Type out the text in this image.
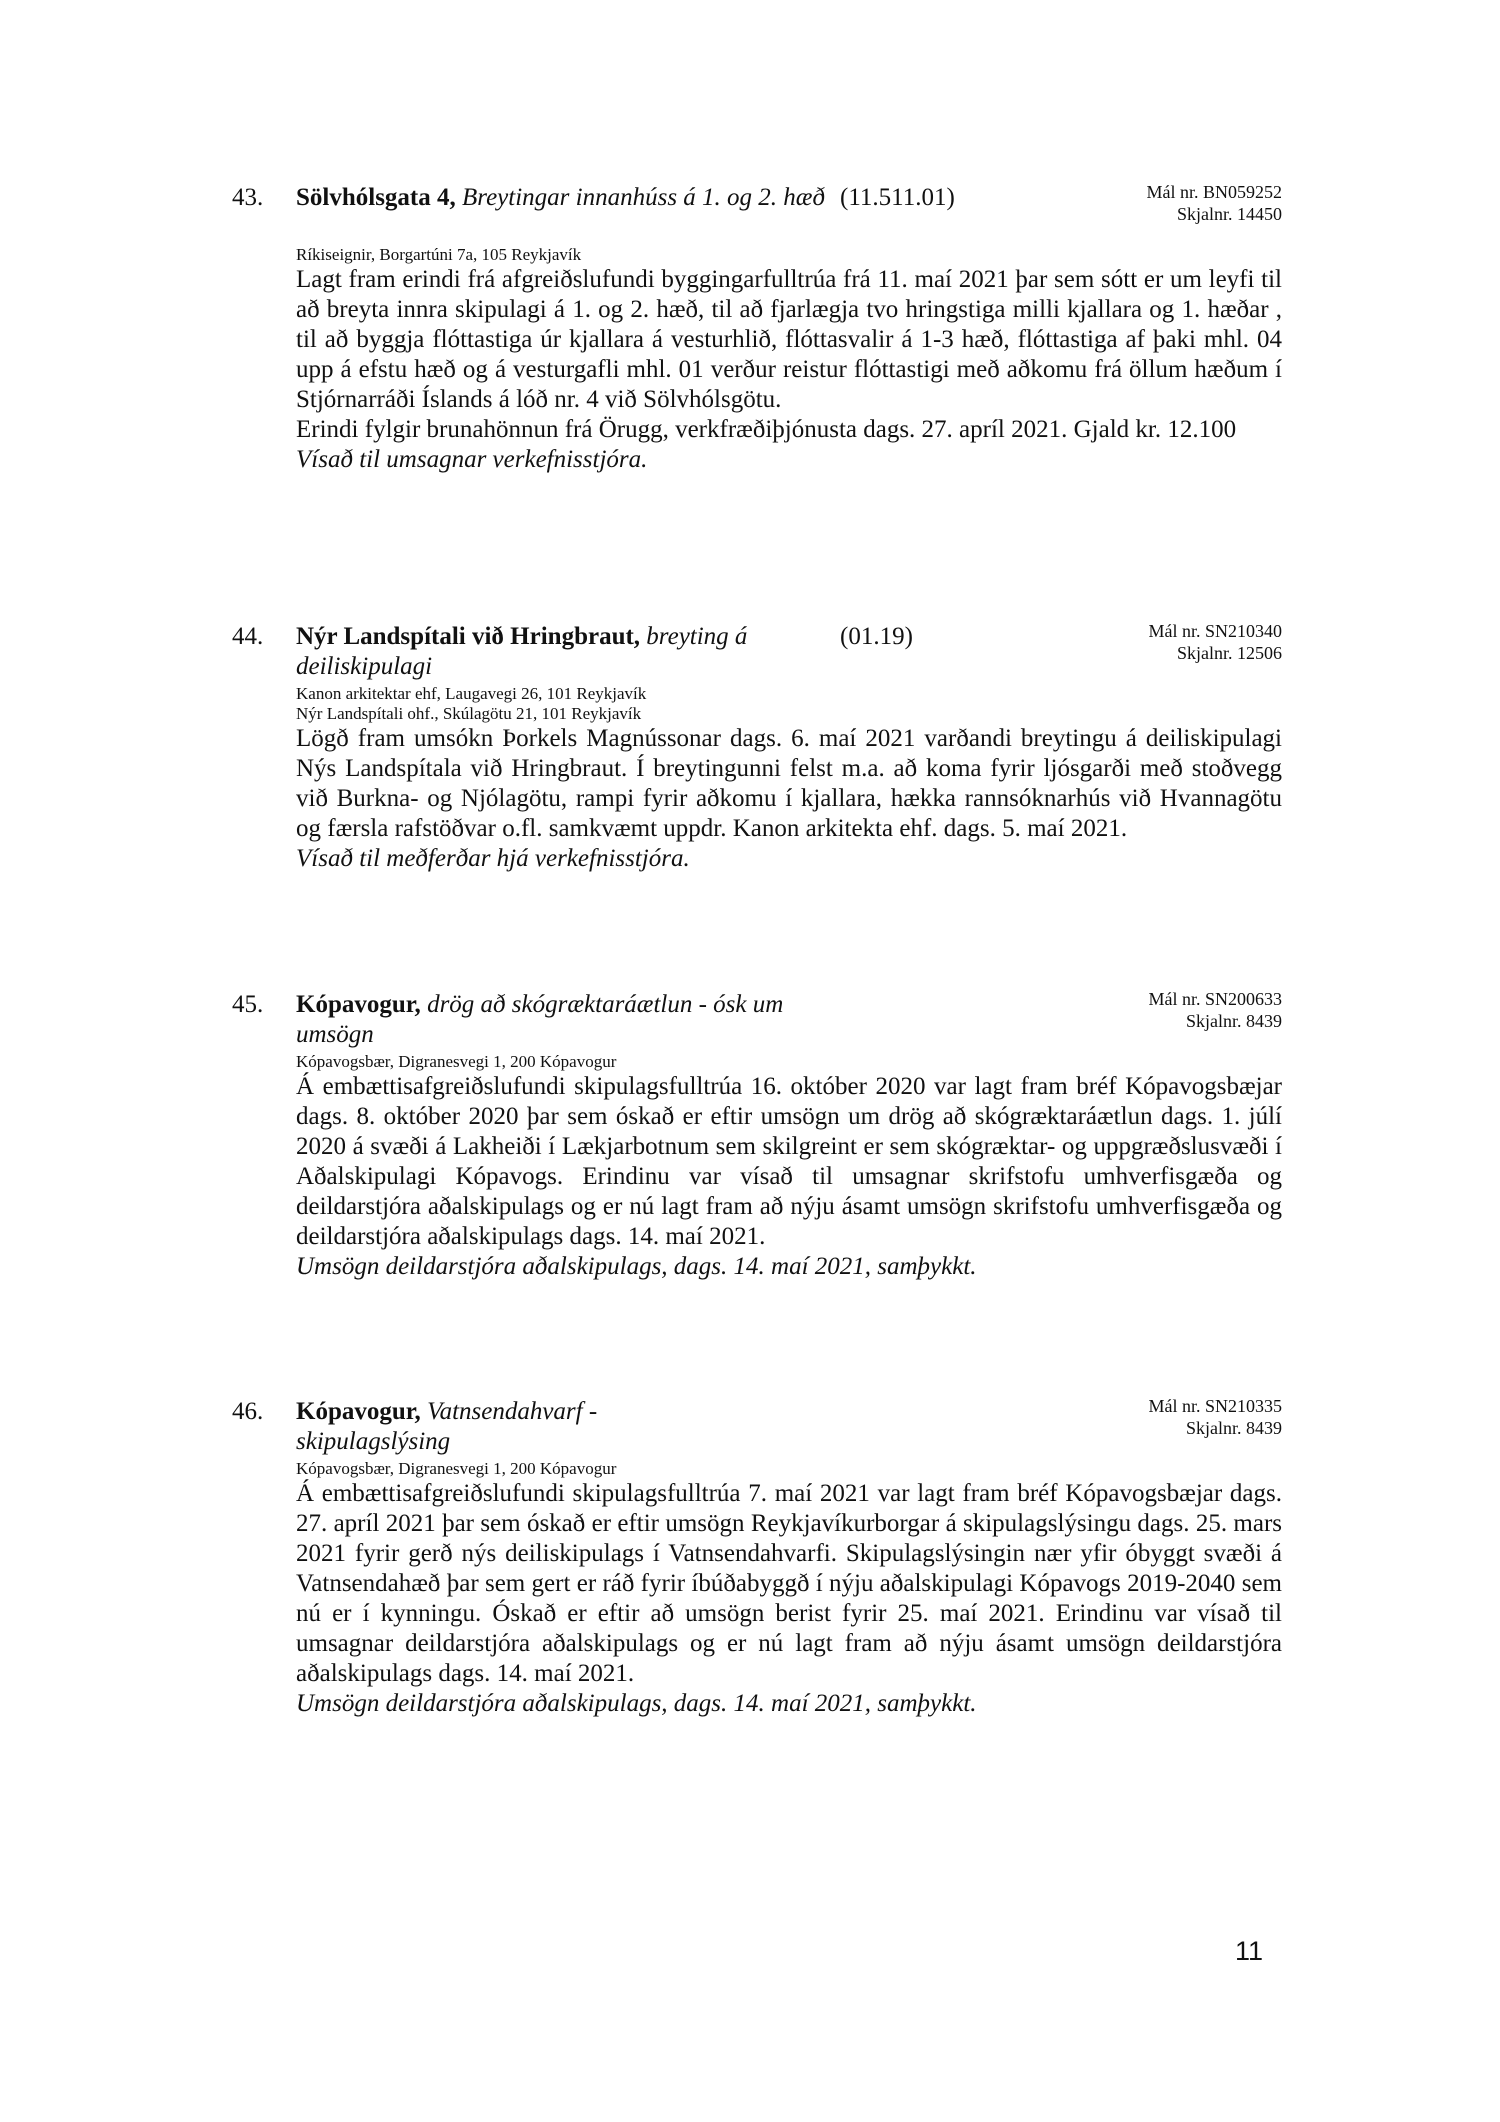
43. Sölvhólsgata 4, Breytingar innanhúss á 1. og 2. hæð (11.511.01)	Mál nr. BN059252
Skjalnr. 14450
Ríkiseignir, Borgartúni 7a, 105 Reykjavík

Lagt fram erindi frá afgreiðslufundi byggingarfulltrúa frá 11. maí 2021 þar sem sótt er um leyfi til að breyta innra skipulagi á 1. og 2. hæð, til að fjarlægja tvo hringstiga milli kjallara og 1. hæðar , til að byggja flóttastiga úr kjallara á vesturhlið, flóttasvalir á 1-3 hæð, flóttastiga af þaki mhl. 04 upp á efstu hæð og á vesturgafli mhl. 01 verður reistur flóttastigi með aðkomu frá öllum hæðum í Stjórnarráði Íslands á lóð nr. 4 við Sölvhólsgötu.

Erindi fylgir brunahönnun frá Örugg, verkfræðiþjónusta dags. 27. apríl 2021. Gjald kr. 12.100

Vísað til umsagnar verkefnisstjóra.
44. Nýr Landspítali við Hringbraut, breyting á deiliskipulagi
(01.19)	Mál nr. SN210340
Skjalnr. 12506
Kanon arkitektar ehf, Laugavegi 26, 101 Reykjavík
Nýr Landspítali ohf., Skúlagötu 21, 101 Reykjavík

Lögð fram umsókn Þorkels Magnússonar dags. 6. maí 2021 varðandi breytingu á deiliskipulagi Nýs Landspítala við Hringbraut. Í breytingunni felst m.a. að koma fyrir ljósgarði með stoðvegg við Burkna- og Njólagötu, rampi fyrir aðkomu í kjallara, hækka rannsóknarhús við Hvannagötu og færsla rafstöðvar o.fl. samkvæmt uppdr. Kanon arkitekta ehf. dags. 5. maí 2021.

Vísað til meðferðar hjá verkefnisstjóra.
45. Kópavogur, drög að skógræktaráætlun - ósk um umsögn
Mál nr. SN200633
Skjalnr. 8439
Kópavogsbær, Digranesvegi 1, 200 Kópavogur

Á embættisafgreiðslufundi skipulagsfulltrúa 16. október 2020 var lagt fram bréf Kópavogsbæjar dags. 8. október 2020 þar sem óskað er eftir umsögn um drög að skógræktaráætlun dags. 1. júlí 2020 á svæði á Lakheiði í Lækjarbotnum sem skilgreint er sem skógræktar- og uppgræðslusvæði í Aðalskipulagi Kópavogs. Erindinu var vísað til umsagnar skrifstofu umhverfisgæða og deildarstjóra aðalskipulags og er nú lagt fram að nýju ásamt umsögn skrifstofu umhverfisgæða og deildarstjóra aðalskipulags dags. 14. maí 2021.

Umsögn deildarstjóra aðalskipulags, dags. 14. maí 2021, samþykkt.
46. Kópavogur, Vatnsendahvarf - skipulagslýsing
Mál nr. SN210335
Skjalnr. 8439
Kópavogsbær, Digranesvegi 1, 200 Kópavogur

Á embættisafgreiðslufundi skipulagsfulltrúa 7. maí 2021 var lagt fram bréf Kópavogsbæjar dags. 27. apríl 2021 þar sem óskað er eftir umsögn Reykjavíkurborgar á skipulagslýsingu dags. 25. mars 2021 fyrir gerð nýs deiliskipulags í Vatnsendahvarfi. Skipulagslýsingin nær yfir óbyggt svæði á Vatnsendahæð þar sem gert er ráð fyrir íbúðabyggð í nýju aðalskipulagi Kópavogs 2019-2040 sem nú er í kynningu. Óskað er eftir að umsögn berist fyrir 25. maí 2021. Erindinu var vísað til umsagnar deildarstjóra aðalskipulags og er nú lagt fram að nýju ásamt umsögn deildarstjóra aðalskipulags dags. 14. maí 2021.

Umsögn deildarstjóra aðalskipulags, dags. 14. maí 2021, samþykkt.
11
